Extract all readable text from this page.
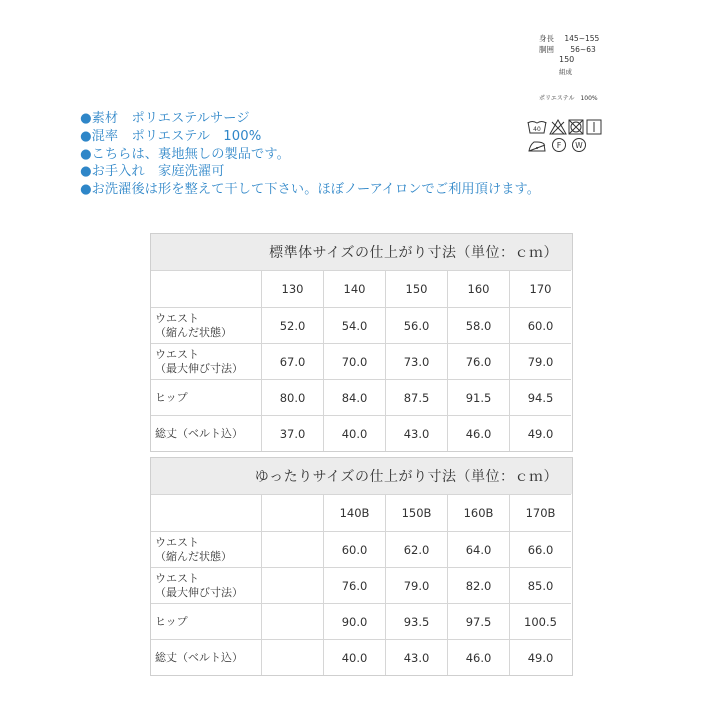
身長 145~155
胴囲 56~63
150
組成
ポリエステル　100%
40
F W
●素材　ポリエステルサージ
●混率　ポリエステル　100%
●こちらは、裏地無しの製品です。
●お手入れ　家庭洗濯可
●お洗濯後は形を整えて干して下さい。ほぼノーアイロンでご利用頂けます。
標準体サイズの仕上がり寸法（単位：ｃｍ）
130	140	150	160	170
ウエスト
（縮んだ状態）	52.0	54.0	56.0	58.0	60.0
ウエスト
（最大伸び寸法）	67.0	70.0	73.0	76.0	79.0
ヒップ	80.0	84.0	87.5	91.5	94.5
総丈（ベルト込）	37.0	40.0	43.0	46.0	49.0
ゆったりサイズの仕上がり寸法（単位：ｃｍ）
140B	150B	160B	170B
ウエスト
（縮んだ状態）	60.0	62.0	64.0	66.0
ウエスト
（最大伸び寸法）	76.0	79.0	82.0	85.0
ヒップ	90.0	93.5	97.5	100.5
総丈（ベルト込）	40.0	43.0	46.0	49.0
